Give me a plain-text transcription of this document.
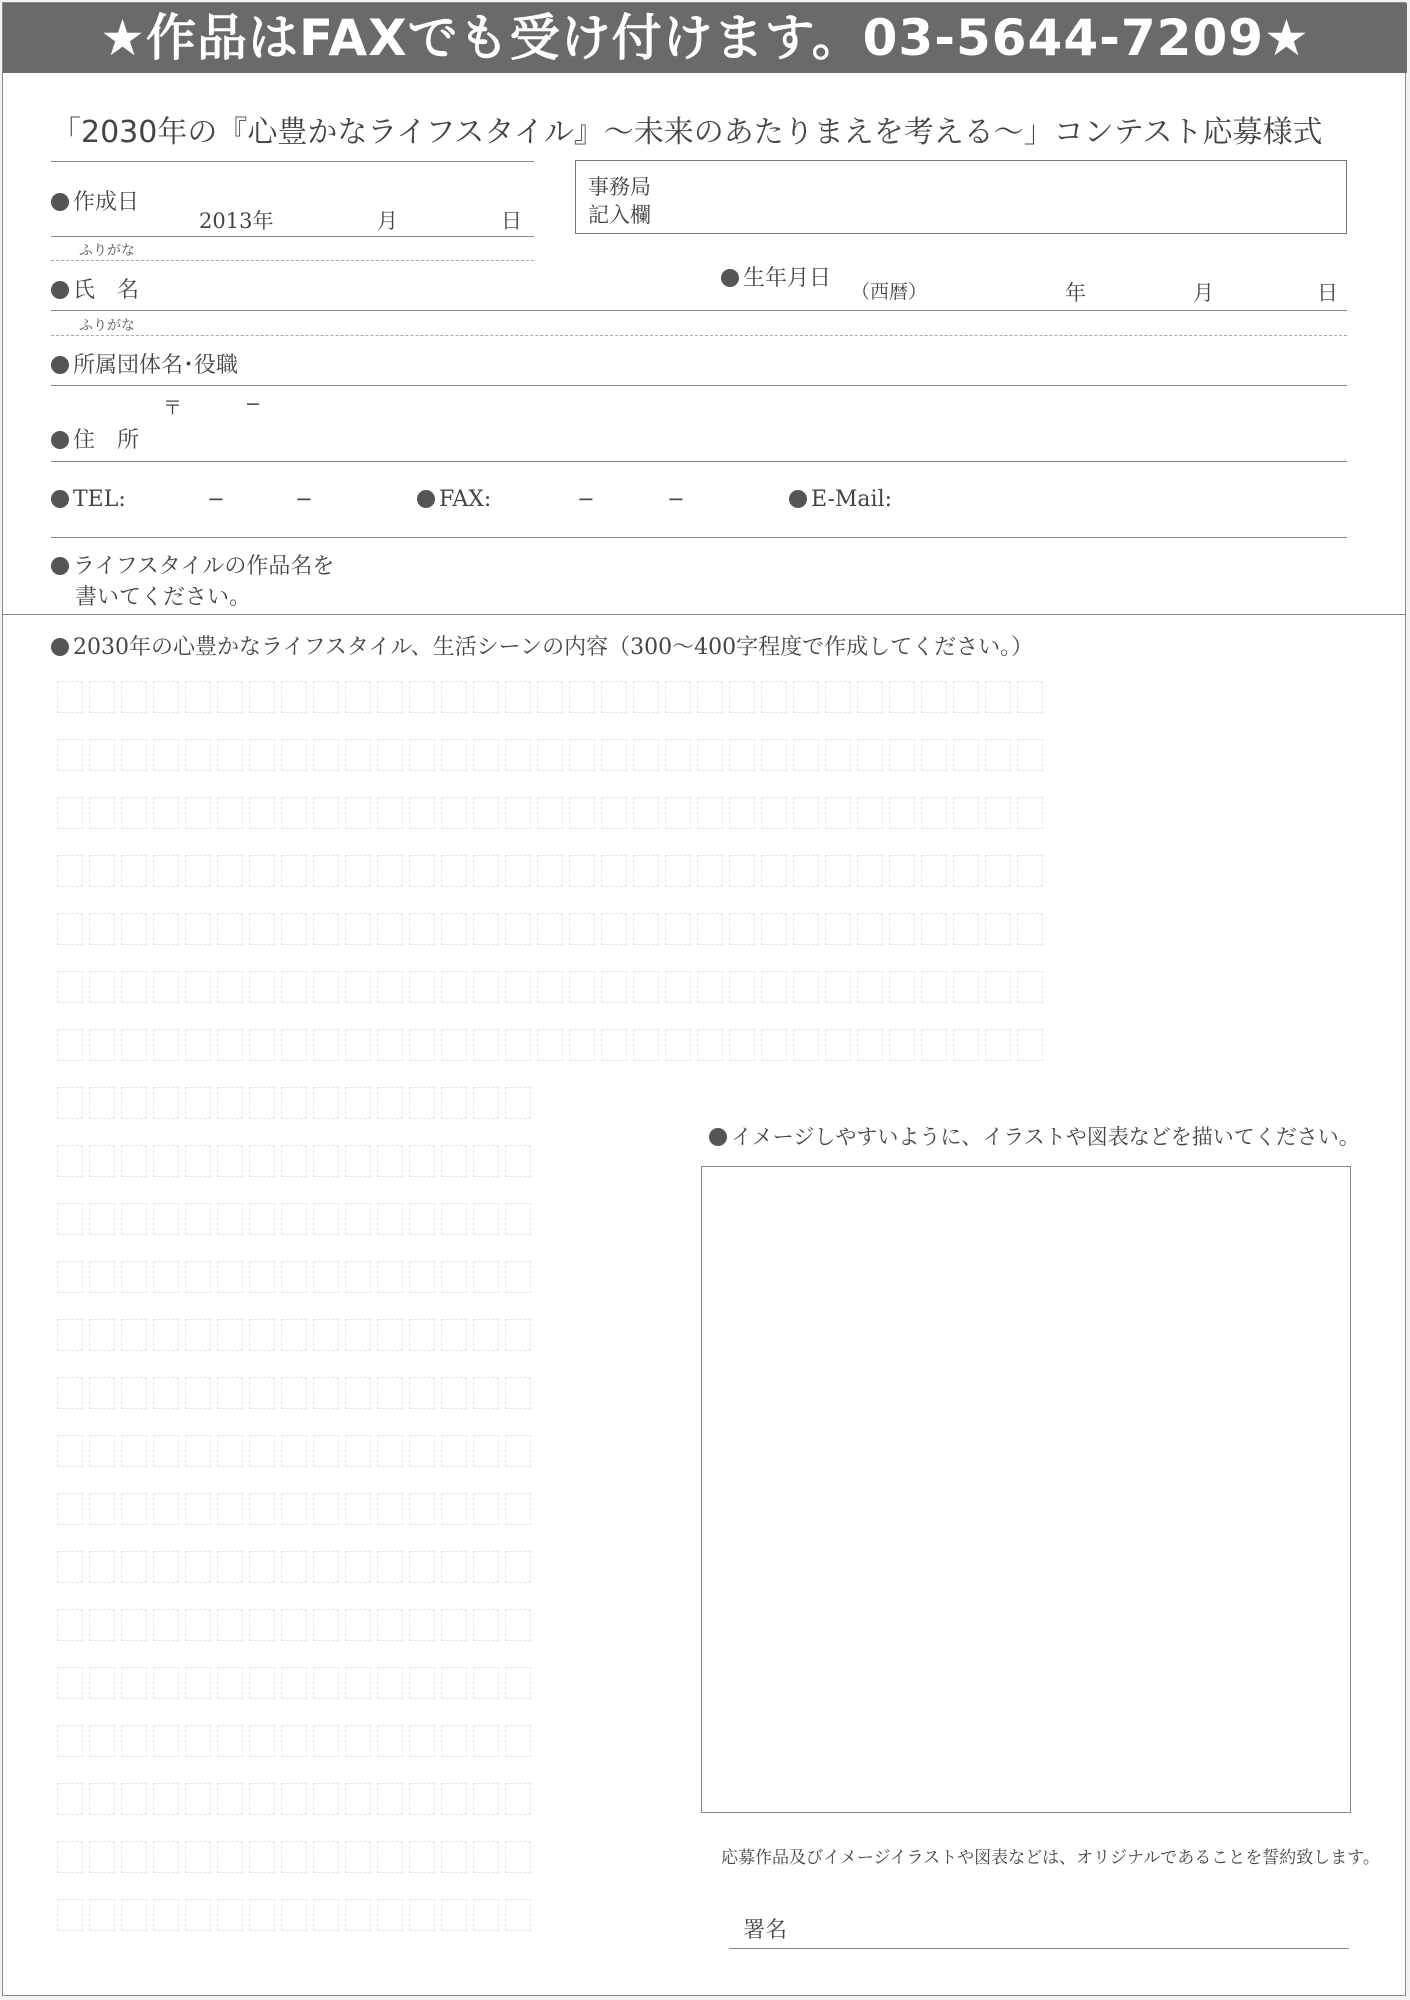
★作品はFAXでも受け付けます。03-5644-7209★
「2030年の『心豊かなライフスタイル』〜未来のあたりまえを考える〜」コンテスト応募様式
作成日
2013年	月	日
事務局
記入欄
ふりがな
氏　名	生年月日
（西暦）	年	月	日
ふりがな
所属団体名･役職
〒	−
住　所
TEL:	−	−	FAX:	−	−	E-Mail:
ライフスタイルの作品名を
書いてください。
2030年の心豊かなライフスタイル、生活シーンの内容（300〜400字程度で作成してください。）
イメージしやすいように、イラストや図表などを描いてください。
応募作品及びイメージイラストや図表などは、オリジナルであることを誓約致します。
署名
